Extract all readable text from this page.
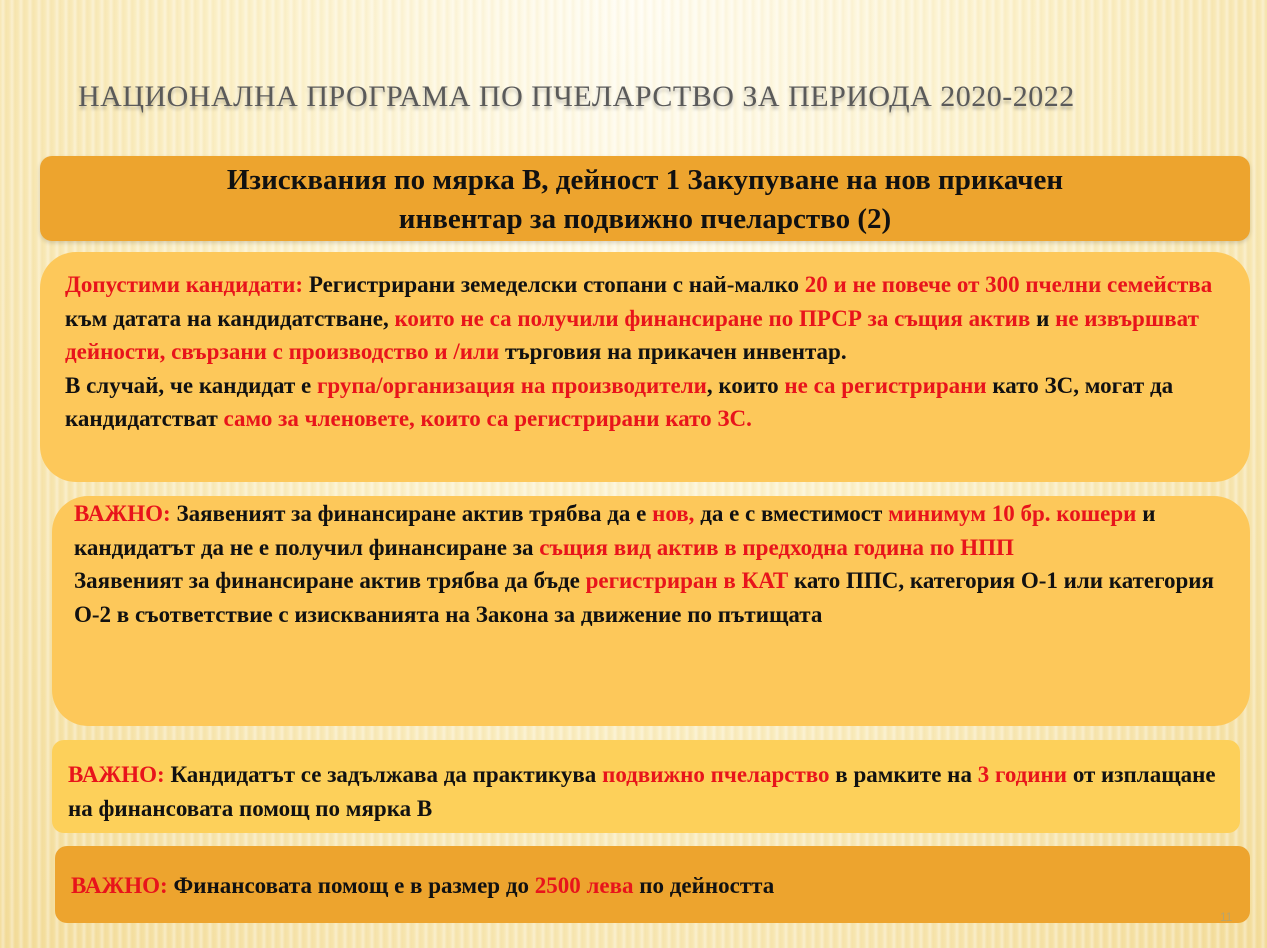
НАЦИОНАЛНА ПРОГРАМА ПО ПЧЕЛАРСТВО ЗА ПЕРИОДА 2020-2022
Изисквания по мярка В, дейност 1 Закупуване на нов прикачен
инвентар за подвижно пчеларство (2)
Допустими кандидати: Регистрирани земеделски стопани с най-малко 20 и не повече от 300 пчелни семейства към датата на кандидатстване, които не са получили финансиране по ПРСР за същия актив и не извършват дейности, свързани с производство и /или търговия на прикачен инвентар.
В случай, че кандидат е група/организация на производители, които не са регистрирани като ЗС, могат да кандидатстват само за членовете, които са регистрирани като ЗС.
ВАЖНО: Заявеният за финансиране актив трябва да е нов, да е с вместимост минимум 10 бр. кошери и кандидатът да не е получил финансиране за същия вид актив в предходна година по НПП
Заявеният за финансиране актив трябва да бъде регистриран в КАТ като ППС, категория О-1 или категория О-2 в съответствие с изискванията на Закона за движение по пътищата
ВАЖНО: Кандидатът се задължава да практикува подвижно пчеларство в рамките на 3 години от изплащане на финансовата помощ по мярка В
ВАЖНО: Финансовата помощ е в размер до 2500 лева по дейността
11
